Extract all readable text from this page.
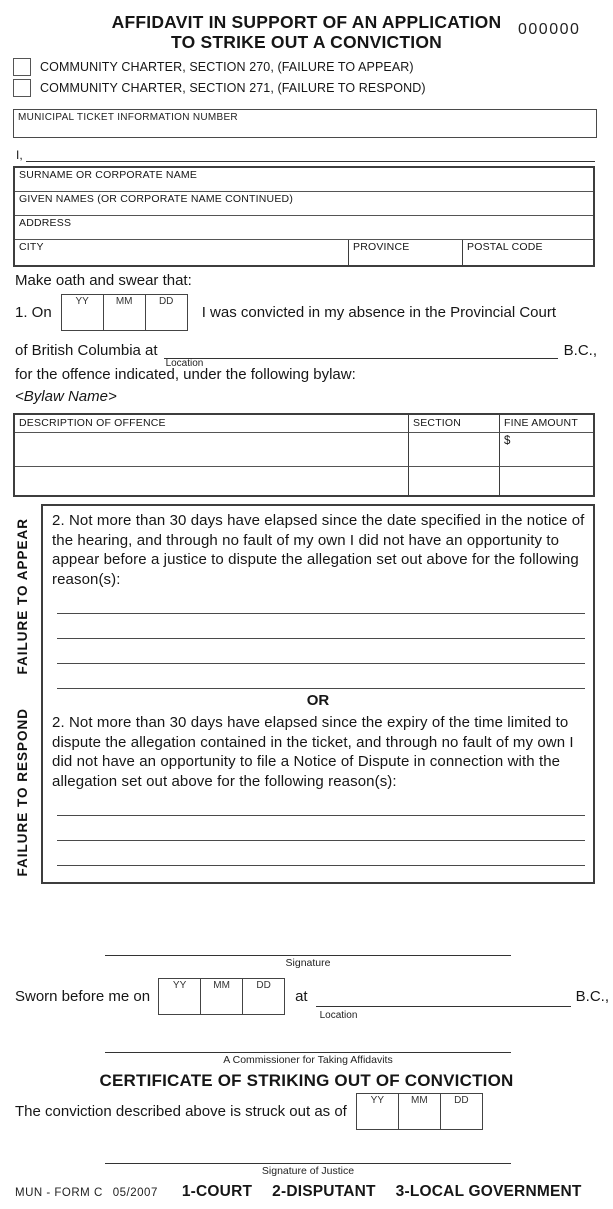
AFFIDAVIT IN SUPPORT OF AN APPLICATION
TO STRIKE OUT A CONVICTION
000000
COMMUNITY CHARTER, SECTION 270, (FAILURE TO APPEAR)
COMMUNITY CHARTER, SECTION 271, (FAILURE TO RESPOND)
MUNICIPAL TICKET INFORMATION NUMBER
I,
SURNAME OR CORPORATE NAME
GIVEN NAMES (OR CORPORATE NAME CONTINUED)
ADDRESS
CITY	PROVINCE	POSTAL CODE
Make oath and swear that:
1. On
YY	MM	DD
I was convicted in my absence in the Provincial Court
of British Columbia at
Location
B.C.,
for the offence indicated, under the following bylaw:
<Bylaw Name>
DESCRIPTION OF OFFENCE	SECTION	FINE AMOUNT
$
FAILURE TO APPEAR
FAILURE TO RESPOND
2. Not more than 30 days have elapsed since the date specified in the notice of the hearing, and through no fault of my own I did not have an opportunity to appear before a justice to dispute the allegation set out above for the following reason(s):
OR
2. Not more than 30 days have elapsed since the expiry of the time limited to dispute the allegation contained in the ticket, and through no fault of my own I did not have an opportunity to file a Notice of Dispute in connection with the allegation set out above for the following reason(s):
Signature
Sworn before me on
YY	MM	DD
at
Location
B.C.,
A Commissioner for Taking Affidavits
CERTIFICATE OF STRIKING OUT OF CONVICTION
The conviction described above is struck out as of
YY	MM	DD
Signature of Justice
MUN - FORM C 05/2007 1-COURT 2-DISPUTANT 3-LOCAL GOVERNMENT
